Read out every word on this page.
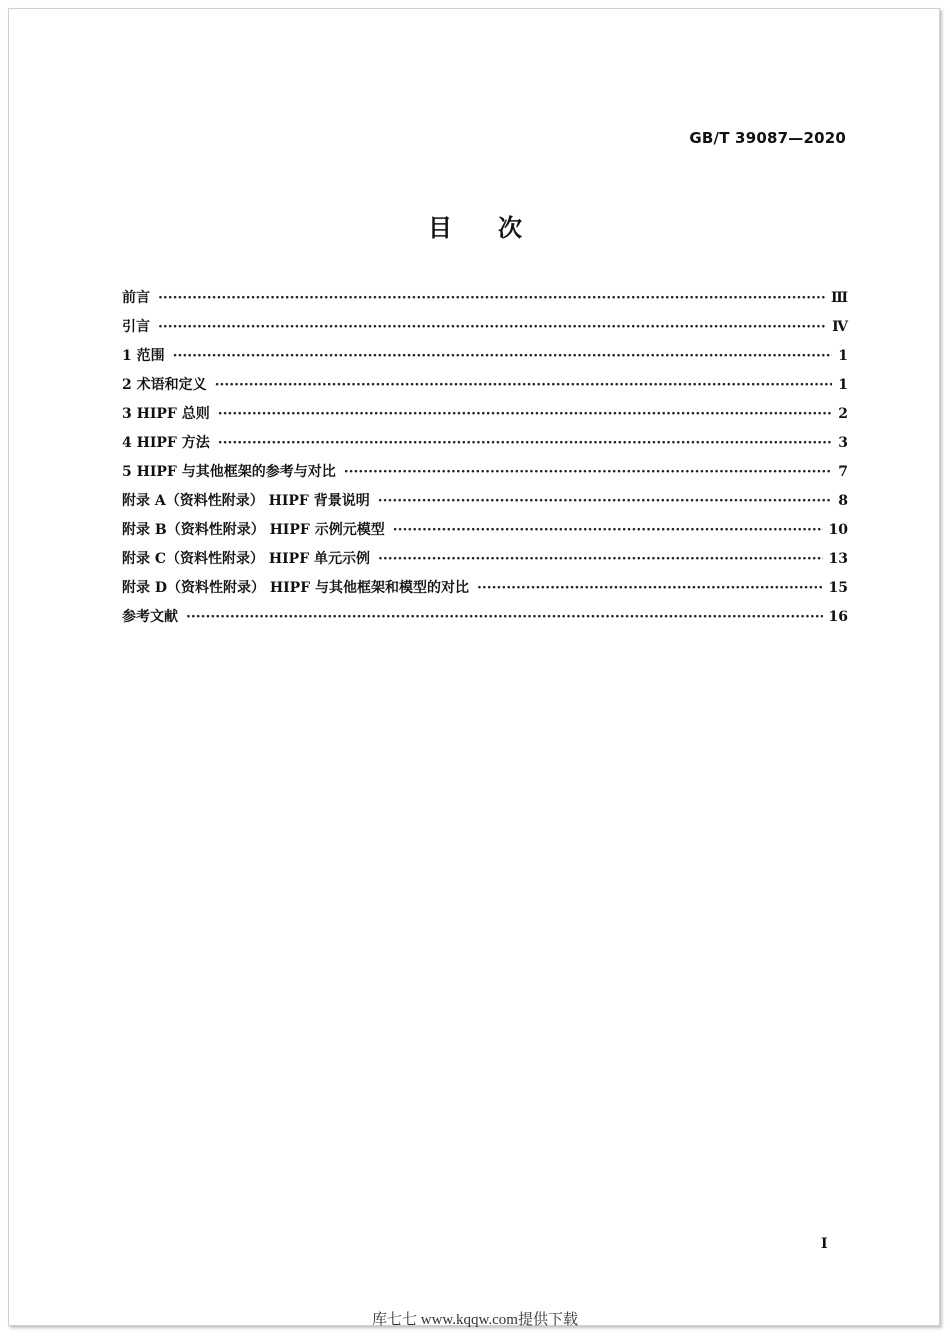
GB/T 39087—2020
目次
前言 ·····	Ⅲ
引言 ·····	Ⅳ
1 范围 ·····	1
2 术语和定义 ·····	1
3 HIPF 总则 ·····	2
4 HIPF 方法 ·····	3
5 HIPF 与其他框架的参考与对比 ·····	7
附录 A（资料性附录） HIPF 背景说明 ·····	8
附录 B（资料性附录） HIPF 示例元模型 ·····	10
附录 C（资料性附录） HIPF 单元示例 ·····	13
附录 D（资料性附录） HIPF 与其他框架和模型的对比 ·····	15
参考文献 ·····	16
I
库七七 www.kqqw.com提供下载
